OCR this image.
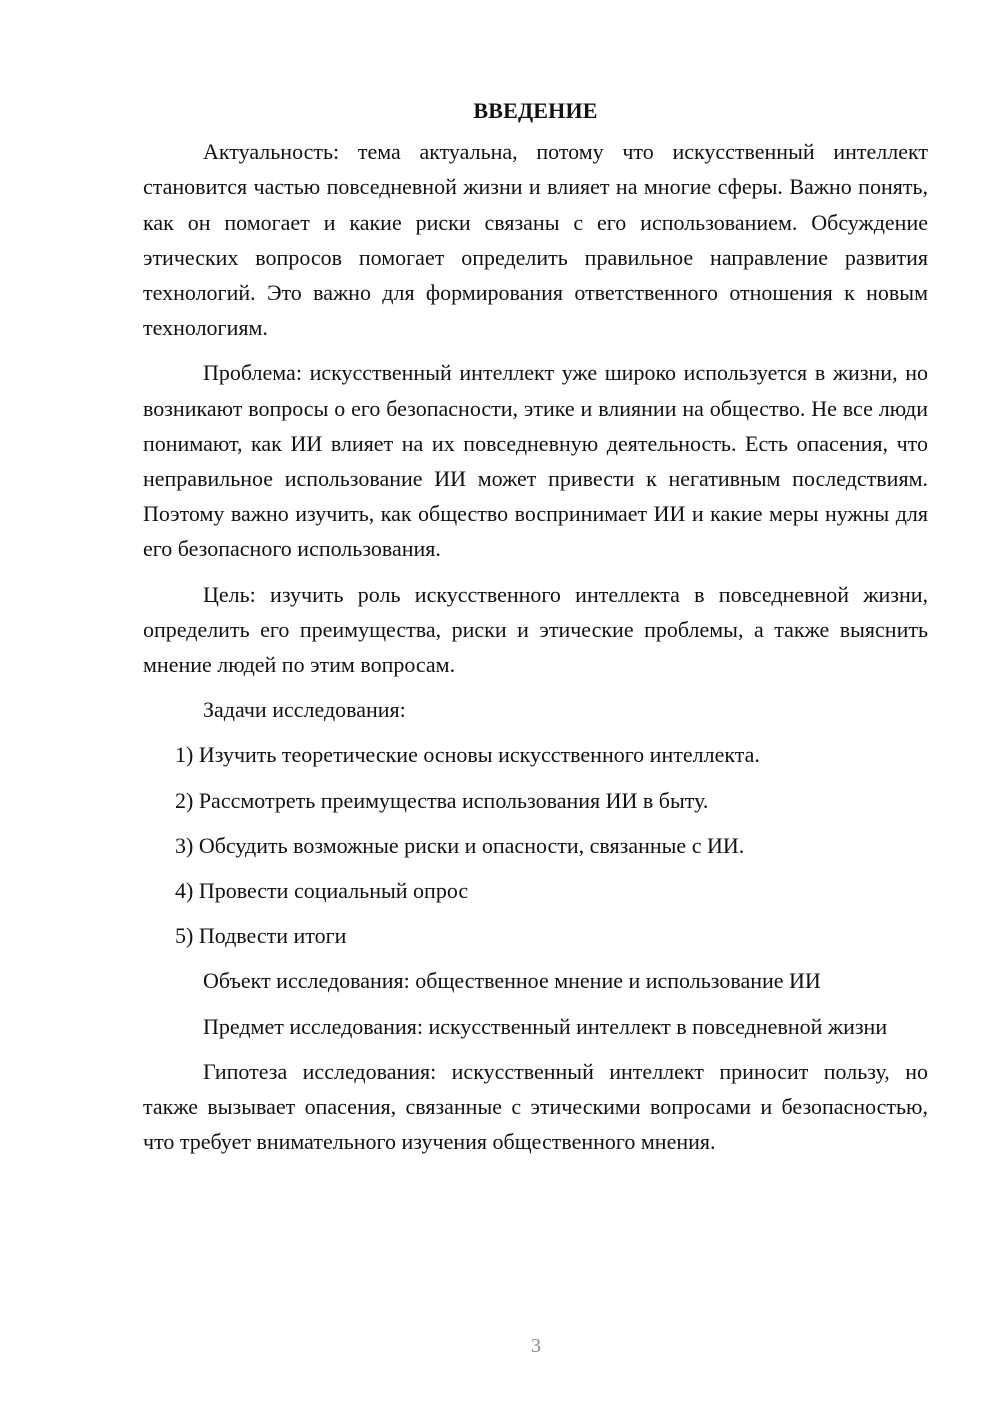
ВВЕДЕНИЕ

Актуальность: тема актуальна, потому что искусственный интеллект становится частью повседневной жизни и влияет на многие сферы. Важно понять, как он помогает и какие риски связаны с его использованием. Обсуждение этических вопросов помогает определить правильное направление развития технологий. Это важно для формирования ответственного отношения к новым технологиям.

Проблема: искусственный интеллект уже широко используется в жизни, но возникают вопросы о его безопасности, этике и влиянии на общество. Не все люди понимают, как ИИ влияет на их повседневную деятельность. Есть опасения, что неправильное использование ИИ может привести к негативным последствиям. Поэтому важно изучить, как общество воспринимает ИИ и какие меры нужны для его безопасного использования.

Цель: изучить роль искусственного интеллекта в повседневной жизни, определить его преимущества, риски и этические проблемы, а также выяснить мнение людей по этим вопросам.

Задачи исследования:
1) Изучить теоретические основы искусственного интеллекта.
2) Рассмотреть преимущества использования ИИ в быту.
3) Обсудить возможные риски и опасности, связанные с ИИ.
4) Провести социальный опрос
5) Подвести итоги

Объект исследования: общественное мнение и использование ИИ

Предмет исследования: искусственный интеллект в повседневной жизни

Гипотеза исследования: искусственный интеллект приносит пользу, но также вызывает опасения, связанные с этическими вопросами и безопасностью, что требует внимательного изучения общественного мнения.

3
